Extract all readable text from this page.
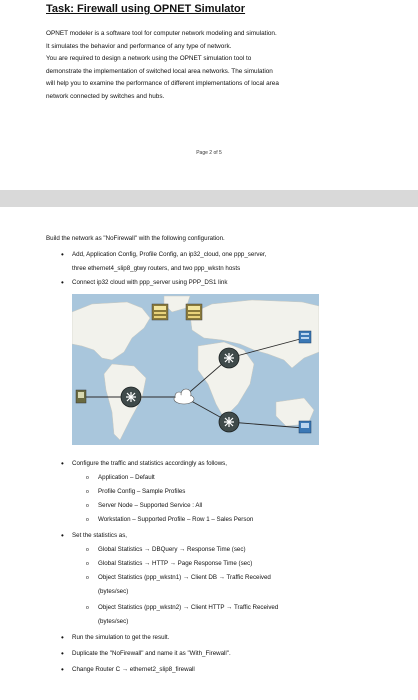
Task: Firewall using OPNET Simulator

OPNET modeler is a software tool for computer network modeling and simulation.
It simulates the behavior and performance of any type of network.
You are required to design a network using the OPNET simulation tool to
demonstrate the implementation of switched local area networks. The simulation
will help you to examine the performance of different implementations of local area
network connected by switches and hubs.

Page 2 of 5
Build the network as "NoFirewall" with the following configuration.
• Add, Application Config, Profile Config, an ip32_cloud, one ppp_server,
three ethernet4_slip8_gtwy routers, and two ppp_wkstn hosts
• Connect ip32 cloud with ppp_server using PPP_DS1 link
• Configure the traffic and statistics accordingly as follows,
o Application – Default
o Profile Config – Sample Profiles
o Server Node – Supported Service : All
o Workstation – Supported Profile – Row 1 – Sales Person
• Set the statistics as,
o Global Statistics → DBQuery → Response Time (sec)
o Global Statistics → HTTP → Page Response Time (sec)
o Object Statistics (ppp_wkstn1) → Client DB → Traffic Received
(bytes/sec)
o Object Statistics (ppp_wkstn2) → Client HTTP → Traffic Received
(bytes/sec)
• Run the simulation to get the result.
• Duplicate the "NoFirewall" and name it as "With_Firewall".
• Change Router C → ethernet2_slip8_firewall
